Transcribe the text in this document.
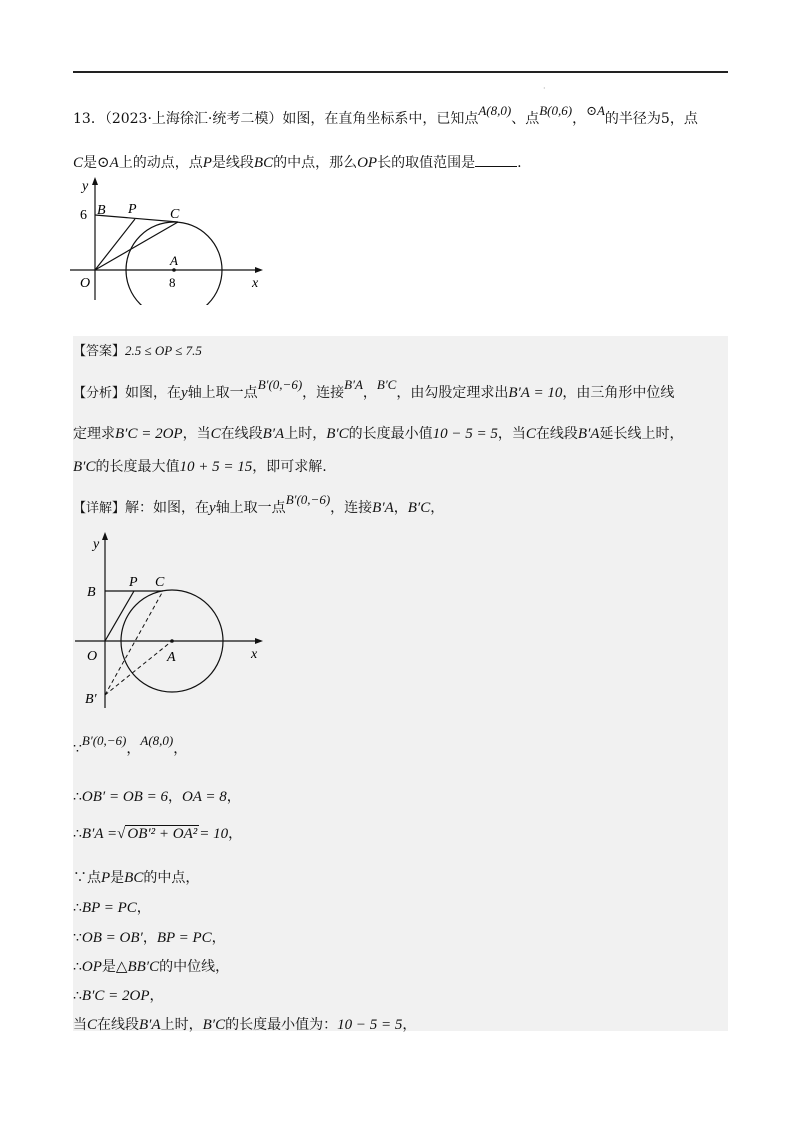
·
13．（2023·上海徐汇·统考二模）如图，在直角坐标系中，已知点A(8,0)、点B(0,6)，⊙A的半径为5，点
C是⊙A上的动点，点P是线段BC的中点，那么OP长的取值范围是	.
y
6 B P C
A
O	8	x
【答案】2.5 ≤ OP ≤ 7.5
【分析】如图，在y轴上取一点B′(0,−6)，连接B′A，B′C，由勾股定理求出B′A = 10，由三角形中位线
定理求B′C = 2OP，当C在线段B′A上时，B′C的长度最小值10 − 5 = 5，当C在线段B′A延长线上时，
B′C的长度最大值10 + 5 = 15，即可求解.
【详解】解：如图，在y轴上取一点B′(0,−6)，连接B′A，B′C，
y
B
P C
O	A	x
B′
∵B′(0,−6)，A(8,0)，
∴OB′ = OB = 6，OA = 8，
∴B′A =√ OB′² + OA² = 10，
∵点P是BC的中点，
∴BP = PC，
∵OB = OB′，BP = PC，
∴OP是△BB′C的中位线，
∴B′C = 2OP，
当C在线段B′A上时，B′C的长度最小值为：10 − 5 = 5，
